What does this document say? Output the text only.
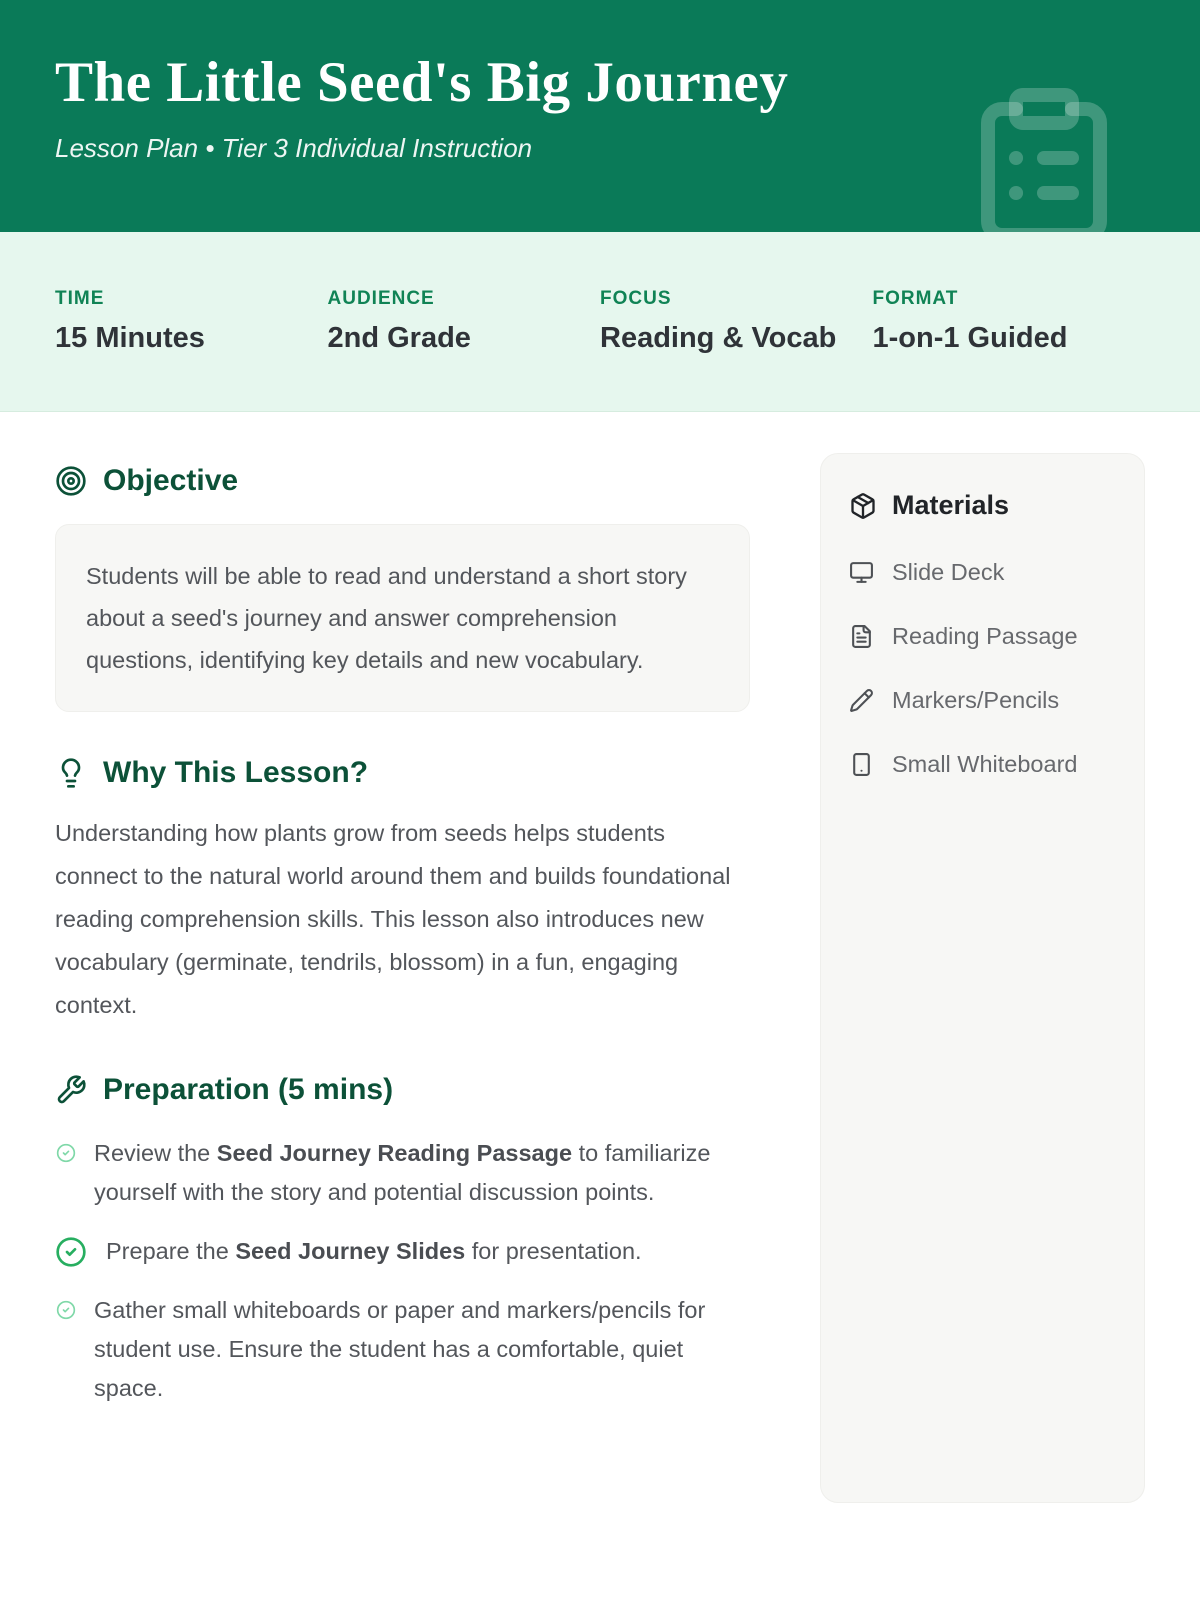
The Little Seed's Big Journey

Lesson Plan • Tier 3 Individual Instruction

TIME
15 Minutes
AUDIENCE
2nd Grade
FOCUS
Reading & Vocab
FORMAT
1-on-1 Guided
Objective

Students will be able to read and understand a short story about a seed's journey and answer comprehension questions, identifying key details and new vocabulary.

Why This Lesson?

Understanding how plants grow from seeds helps students connect to the natural world around them and builds foundational reading comprehension skills. This lesson also introduces new vocabulary (germinate, tendrils, blossom) in a fun, engaging context.

Preparation (5 mins)
Review the Seed Journey Reading Passage to familiarize yourself with the story and potential discussion points.
Prepare the Seed Journey Slides for presentation.
Gather small whiteboards or paper and markers/pencils for student use. Ensure the student has a comfortable, quiet space.
Materials
Slide Deck
Reading Passage
Markers/Pencils
Small Whiteboard
